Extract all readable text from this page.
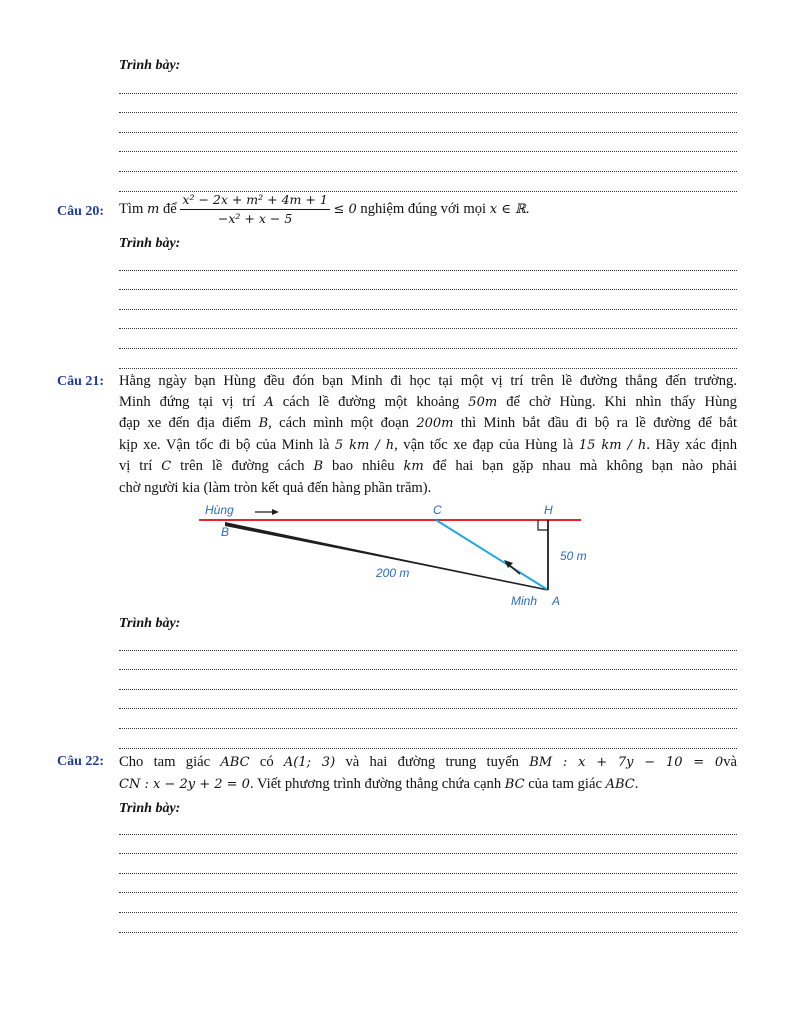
Trình bày:
Câu 20: Tìm m để $\frac{\text{x² − 2x + m² + 4m + 1}}{\text{−x² + x − 5}} \le 0$ nghiệm đúng với mọi x ∈ ℝ.
Trình bày:
Câu 21: Hằng ngày bạn Hùng đều đón bạn Minh đi học tại một vị trí trên lề đường thẳng đến trường.
Minh đứng tại vị trí A cách lề đường một khoảng 50m để chờ Hùng. Khi nhìn thấy Hùng
đạp xe đến địa điểm B, cách mình một đoạn 200m thì Minh bắt đầu đi bộ ra lề đường để bắt
kịp xe. Vận tốc đi bộ của Minh là 5 km / h, vận tốc xe đạp của Hùng là 15 km / h. Hãy xác định
vị trí C trên lề đường cách B bao nhiêu km để hai bạn gặp nhau mà không bạn nào phải
chờ người kia (làm tròn kết quả đến hàng phần trăm).
Hùng
B
C	H
50 m
200 m
Minh A
Trình bày:
Câu 22: Cho tam giác ABC có A(1; 3) và hai đường trung tuyến BM : x + 7y − 10 = 0và
CN : x − 2y + 2 = 0. Viết phương trình đường thẳng chứa cạnh BC của tam giác ABC.
Trình bày:
